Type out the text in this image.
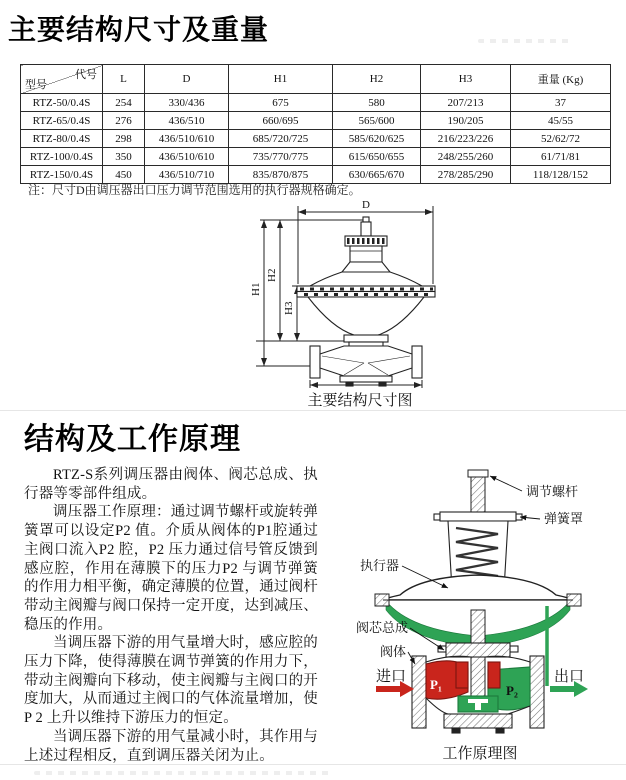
主要结构尺寸及重量
代号
型号	L	D	H1	H2	H3	重量 (Kg)
RTZ-50/0.4S	254	330/436	675	580	207/213	37
RTZ-65/0.4S	276	436/510	660/695	565/600	190/205	45/55
RTZ-80/0.4S	298	436/510/610	685/720/725	585/620/625	216/223/226	52/62/72
RTZ-100/0.4S	350	436/510/610	735/770/775	615/650/655	248/255/260	61/71/81
RTZ-150/0.4S	450	436/510/710	835/870/875	630/665/670	278/285/290	118/128/152
注：尺寸D由调压器出口压力调节范围选用的执行器规格确定。
D
H1
H2
H3
主要结构尺寸图
结构及工作原理

RTZ-S系列调压器由阀体、阀芯总成、执行器等零部件组成。

调压器工作原理：通过调节螺杆或旋转弹簧罩可以设定P2 值。介质从阀体的P1腔通过主阀口流入P2 腔，P2 压力通过信号管反馈到感应腔，作用在薄膜下的压力P2 与调节弹簧的作用力相平衡，确定薄膜的位置，通过阀杆带动主阀瓣与阀口保持一定开度，达到减压、稳压的作用。

当调压器下游的用气量增大时，感应腔的压力下降，使得薄膜在调节弹簧的作用力下，带动主阀瓣向下移动，使主阀瓣与主阀口的开度加大，从而通过主阀口的气体流量增加，使P 2 上升以维持下游压力的恒定。

当调压器下游的用气量减小时，其作用与上述过程相反，直到调压器关闭为止。

调节螺杆
弹簧罩
执行器
阀芯总成
阀体
进口	出口
P₁	P₂
工作原理图
